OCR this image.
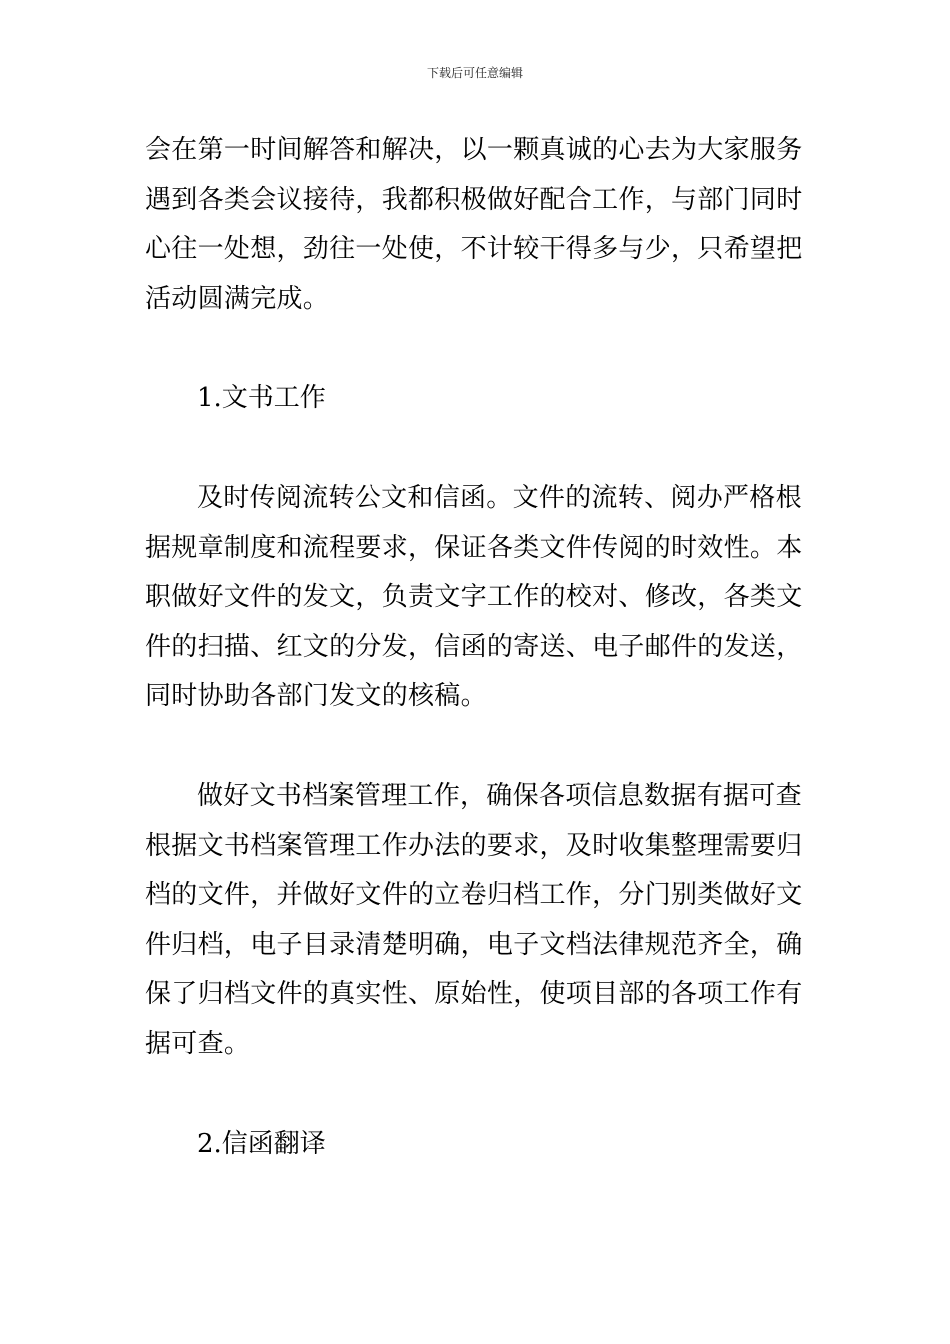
下载后可任意编辑

会在第一时间解答和解决，以一颗真诚的心去为大家服务遇到各类会议接待，我都积极做好配合工作，与部门同时心往一处想，劲往一处使，不计较干得多与少，只希望把活动圆满完成。

1.文书工作

及时传阅流转公文和信函。文件的流转、阅办严格根据规章制度和流程要求，保证各类文件传阅的时效性。本职做好文件的发文，负责文字工作的校对、修改，各类文件的扫描、红文的分发，信函的寄送、电子邮件的发送，同时协助各部门发文的核稿。

做好文书档案管理工作，确保各项信息数据有据可查根据文书档案管理工作办法的要求，及时收集整理需要归档的文件，并做好文件的立卷归档工作，分门别类做好文件归档，电子目录清楚明确，电子文档法律规范齐全，确保了归档文件的真实性、原始性，使项目部的各项工作有据可查。

2.信函翻译
